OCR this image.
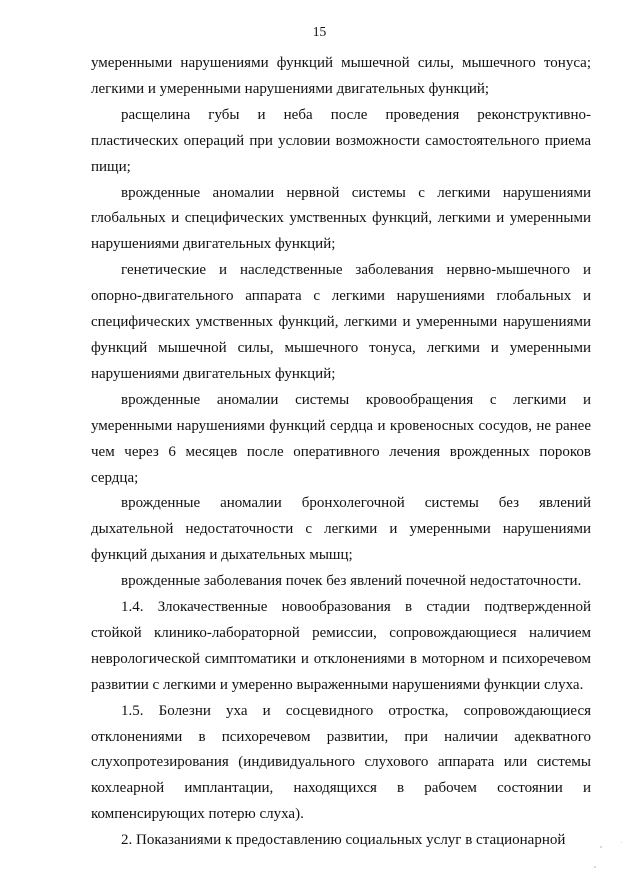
15

умеренными нарушениями функций мышечной силы, мышечного тонуса; легкими и умеренными нарушениями двигательных функций;

расщелина губы и неба после проведения реконструктивно-пластических операций при условии возможности самостоятельного приема пищи;

врожденные аномалии нервной системы с легкими нарушениями глобальных и специфических умственных функций, легкими и умеренными нарушениями двигательных функций;

генетические и наследственные заболевания нервно-мышечного и опорно-двигательного аппарата с легкими нарушениями глобальных и специфических умственных функций, легкими и умеренными нарушениями функций мышечной силы, мышечного тонуса, легкими и умеренными нарушениями двигательных функций;

врожденные аномалии системы кровообращения с легкими и умеренными нарушениями функций сердца и кровеносных сосудов, не ранее чем через 6 месяцев после оперативного лечения врожденных пороков сердца;

врожденные аномалии бронхолегочной системы без явлений дыхательной недостаточности с легкими и умеренными нарушениями функций дыхания и дыхательных мышц;

врожденные заболевания почек без явлений почечной недостаточности.

1.4. Злокачественные новообразования в стадии подтвержденной стойкой клинико-лабораторной ремиссии, сопровождающиеся наличием неврологической симптоматики и отклонениями в моторном и психоречевом развитии с легкими и умеренно выраженными нарушениями функции слуха.

1.5. Болезни уха и сосцевидного отростка, сопровождающиеся отклонениями в психоречевом развитии, при наличии адекватного слухопротезирования (индивидуального слухового аппарата или системы кохлеарной имплантации, находящихся в рабочем состоянии и компенсирующих потерю слуха).

2. Показаниями к предоставлению социальных услуг в стационарной
